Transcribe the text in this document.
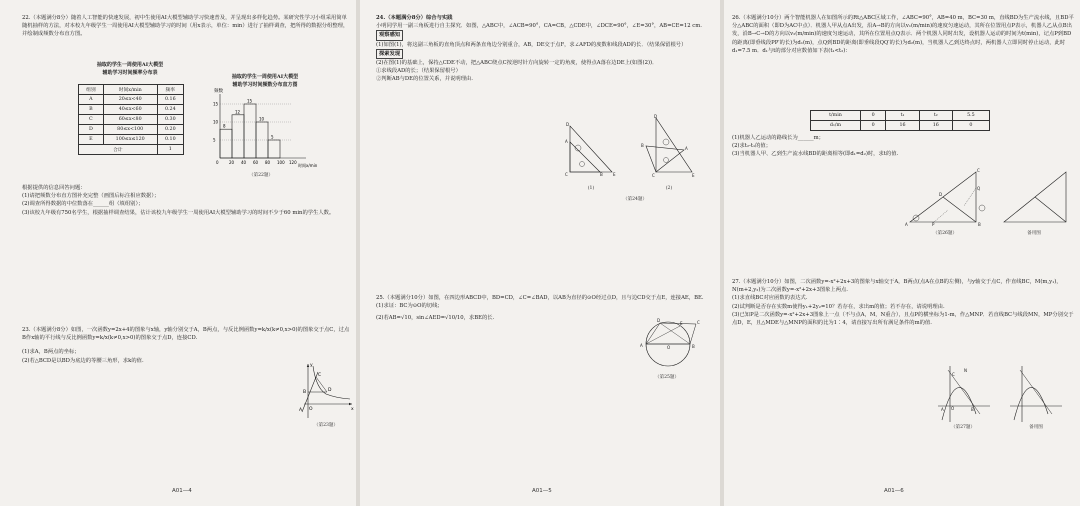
22.（本题满分8分）随着人工智能的快速发展，初中生使用AI大模型辅助学习快速普及，并呈现出多样化趋势。某研究性学习小组采用简单随机抽样的方法，对本校九年级学生一周使用AI大模型辅助学习的时间（用x表示，单位：min）进行了抽样调查，把所得的数据分组整理，并绘制成频数分布直方图。

抽取的学生一周使用AI大模型
辅助学习时间频率分布表
组别	时间x/min	频率
A	20≤x<40	0.16
B	40≤x<60	0.24
C	60≤x<80	0.30
D	80≤x<100	0.20
E	100≤x≤120	0.10
合计		1
抽取的学生一周使用AI大模型
辅助学习时间频数分布直方图
频数
时间x/min
5
10
15
8
12
15
10
5
0	20 40 60 80 100 120

根据提供的信息回答问题：

(1)请把频数分布直方图补充完整（画图后标注相应数据）；

(2)调查所得数据的中位数落在______组（填组别）；

(3)该校九年级有750名学生，根据抽样调查结果，估计该校九年级学生一周使用AI大模型辅助学习的时间不少于60 min的学生人数。

23.（本题满分8分）如图，一次函数y=2x+4的图象与x轴，y轴分别交于A，B两点，与反比例函数y=k/x(k≠0,x>0)的图象交于点C，过点B作x轴的平行线与反比例函数y=k/x(k≠0,x>0)的图象交于点D，连接CD.

(1)求A，B两点的坐标；

(2)若△BCD是以BD为底边的等腰三角形，求k的值.

y
x
A O
B
C
D
（第23题）
A01—4
（第22题）

24.（本题满分8分）综合与实践

小明同学用一副三角板进行自主探究．如图，△ABC中，∠ACB=90°，CA=CB，△CDE中，∠DCE=90°，∠E=30°，AB=CE=12 cm.

观察感知

(1)如图(1)，将这副三角板的直角顶点和两条直角边分别重合，AB，DE交于点F，求∠AFD的度数和线段AD的长．（结果保留根号）

探索发现

(2)在图(1)的基础上，保持△CDE不动，把△ABC绕点C按逆时针方向旋转一定的角度，使得点A落在边DE上(如图(2))．

①求线段AD的长；（结果保留根号）

②判断AB与DE的位置关系，并说明理由.

C	E
D
B
A
(1)
C	E
D
B
A
(2)
（第24题）

25.（本题满分10分）如图，在四边形ABCD中，BD=CD，∠C=∠BAD，以AB为直径的⊙O经过点D，且与边CD交于点E，连接AE，BE.

(1)求证：BC为⊙O的切线；

(2)若AB=√10，sin∠AED=√10/10，求BE的长.

A	B
C
D
E
O
（第25题）
A01—5

26.（本题满分10分）两个智能机器人在如图所示的Rt△ABC区域工作，∠ABC=90°，AB=40 m，BC=30 m，直线BD为生产流水线，且BD平分△ABC的面积（即D为AC中点）．机器人甲从点A出发，沿A→B的方向以v₁(m/min)的速度匀速运动，其所在位置用点P表示，机器人乙从点B出发，沿B→C→D的方向以v₂(m/min)的速度匀速运动，其所在位置用点Q表示．两个机器人同时出发，设机器人运动的时间为t(min)，记点P到BD的距离(即垂线段PP′的长)为d₁(m)，点Q到BD的距离(即垂线段QQ′的长)为d₂(m)，当机器人乙到达终点时，两机器人立即同时停止运动，此时d₁=7.5 m．d₁与t的部分对应数值如下表(t₁<t₂)：

t/min	0	t₁	t₂	5.5
d₁/m	0	16	16	0

(1)机器人乙运动的路线长为______m；

(2)求t₂-t₁的值；

(3)当机器人甲、乙到生产流水线BD的距离相等(即d₁=d₂)时，求t的值.

A	B
C
D
P
Q
（第26题）	备用图

27.（本题满分10分）如图，二次函数y=-x²+2x+3的图象与x轴交于A，B两点(点A在点B的左侧)，与y轴交于点C，作直线BC，M(m,y₁)，N(m+2,y₂)为二次函数y=-x²+2x+3图象上两点.

(1)求直线BC对应函数的表达式.

(2)试判断是否存在实数m使得y₁+2y₂=10？若存在，求出m的值；若不存在，请说明理由.

(3)已知P是二次函数y=-x²+2x+3图象上一点（不与点A，M，N重合），且点P的横坐标为1-m，作△MNP．若直线BC与线段MN，MP分别交于点D，E，且△MDE与△MNP的面积的比为1∶4，请直接写出所有满足条件的m的值.

A	B
O
C
N
（第27题）	备用图
A01—6
